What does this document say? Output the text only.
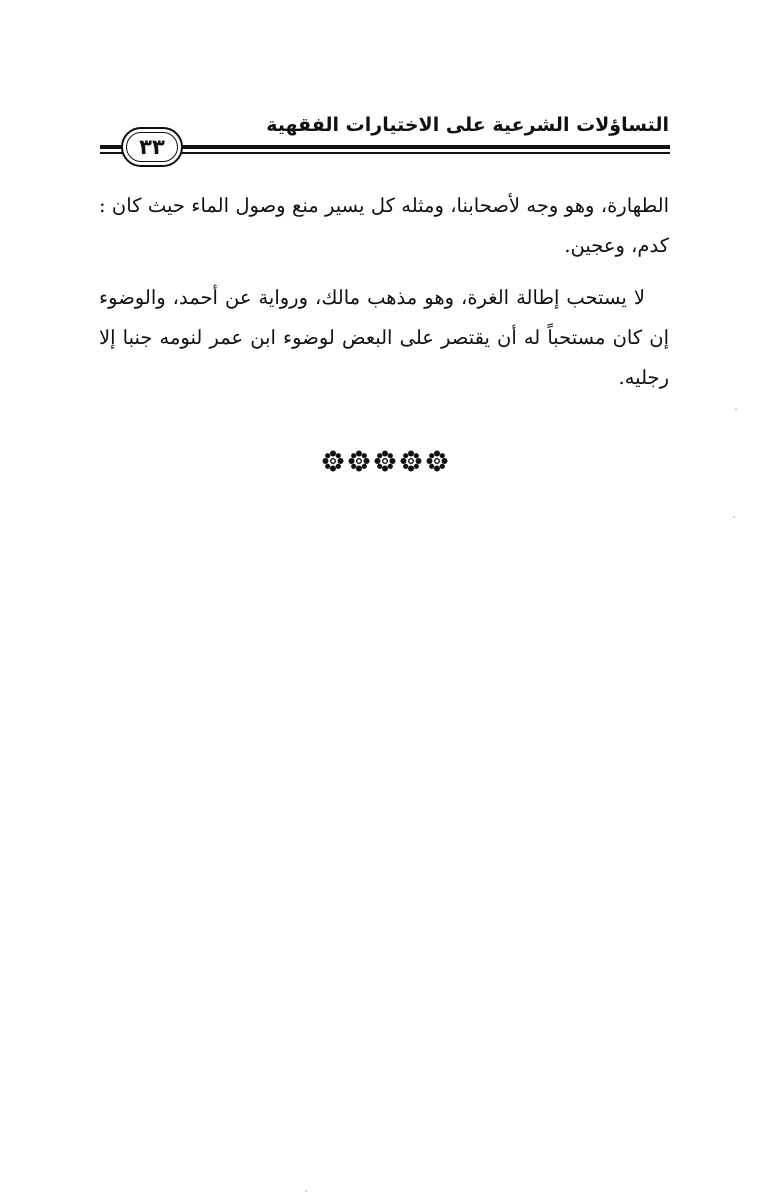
التساؤلات الشرعية على الاختيارات الفقهية
٣٣

الطهارة، وهو وجه لأصحابنا، ومثله كل يسير منع وصول الماء حيث كان : كدم، وعجين.

لا يستحب إطالة الغرة، وهو مذهب مالك، ورواية عن أحمد، والوضوء إن كان مستحباً له أن يقتصر على البعض لوضوء ابن عمر لنومه جنبا إلا رجليه.
